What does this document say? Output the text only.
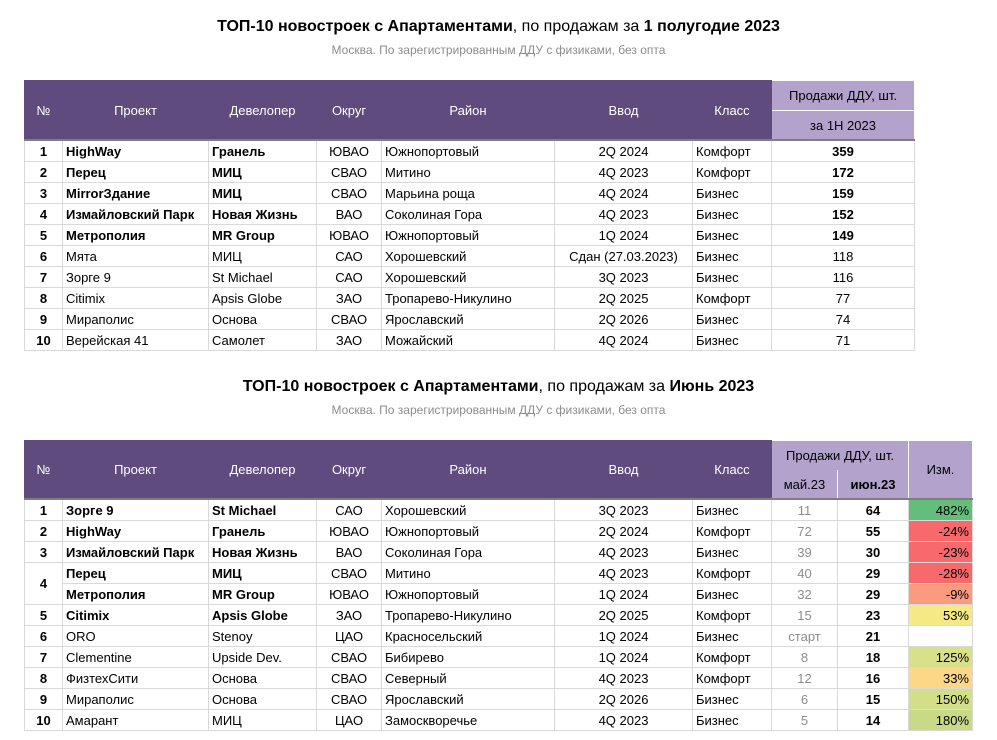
ТОП-10 новостроек с Апартаментами, по продажам за 1 полугодие 2023
Москва. По зарегистрированным ДДУ с физиками, без опта
№	Проект	Девелопер	Округ	Район	Ввод	Класс	Продажи ДДУ, шт.
							за 1Н 2023
1	HighWay	Гранель	ЮВАО	Южнопортовый	2Q 2024	Комфорт	359
2	Перец	МИЦ	СВАО	Митино	4Q 2023	Комфорт	172
3	MirrorЗдание	МИЦ	СВАО	Марьина роща	4Q 2024	Бизнес	159
4	Измайловский Парк	Новая Жизнь	ВАО	Соколиная Гора	4Q 2023	Бизнес	152
5	Метрополия	MR Group	ЮВАО	Южнопортовый	1Q 2024	Бизнес	149
6	Мята	МИЦ	САО	Хорошевский	Сдан (27.03.2023)	Бизнес	118
7	Зорге 9	St Michael	САО	Хорошевский	3Q 2023	Бизнес	116
8	Citimix	Apsis Globe	ЗАО	Тропарево-Никулино	2Q 2025	Комфорт	77
9	Мираполис	Основа	СВАО	Ярославский	2Q 2026	Бизнес	74
10	Верейская 41	Самолет	ЗАО	Можайский	4Q 2024	Бизнес	71
ТОП-10 новостроек с Апартаментами, по продажам за Июнь 2023
Москва. По зарегистрированным ДДУ с физиками, без опта
№	Проект	Девелопер	Округ	Район	Ввод	Класс	Продажи ДДУ, шт.		Изм.
							май.23	июн.23	
1	Зорге 9	St Michael	САО	Хорошевский	3Q 2023	Бизнес	11	64	482%
2	HighWay	Гранель	ЮВАО	Южнопортовый	2Q 2024	Комфорт	72	55	-24%
3	Измайловский Парк	Новая Жизнь	ВАО	Соколиная Гора	4Q 2023	Бизнес	39	30	-23%
4	Перец	МИЦ	СВАО	Митино	4Q 2023	Комфорт	40	29	-28%
	Метрополия	MR Group	ЮВАО	Южнопортовый	1Q 2024	Бизнес	32	29	-9%
5	Citimix	Apsis Globe	ЗАО	Тропарево-Никулино	2Q 2025	Комфорт	15	23	53%
6	ORO	Stenoy	ЦАО	Красносельский	1Q 2024	Бизнес	старт	21	
7	Clementine	Upside Dev.	СВАО	Бибирево	1Q 2024	Комфорт	8	18	125%
8	ФизтехСити	Основа	СВАО	Северный	4Q 2023	Комфорт	12	16	33%
9	Мираполис	Основа	СВАО	Ярославский	2Q 2026	Бизнес	6	15	150%
10	Амарант	МИЦ	ЦАО	Замоскворечье	4Q 2023	Бизнес	5	14	180%
